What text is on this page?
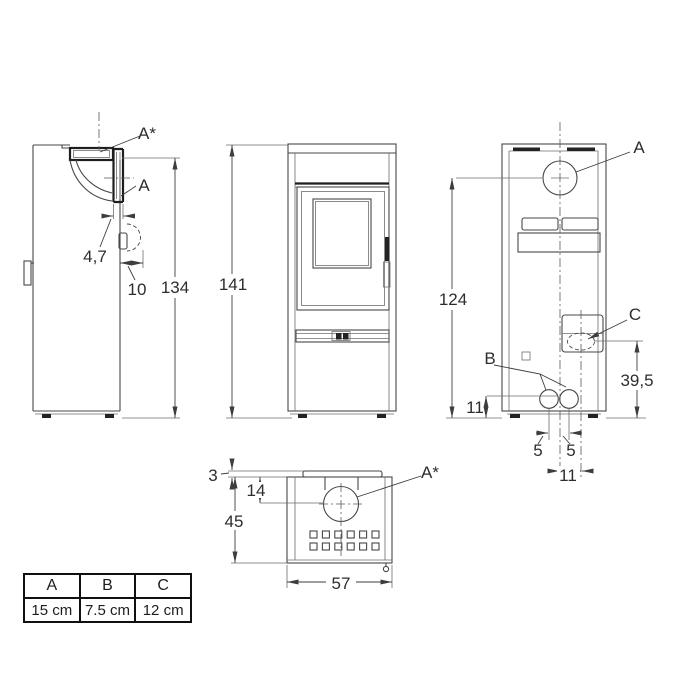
A*
A
4,7
10 134 141
A
C
B
124
39,5
11
5 5
11
A*
3
14
45
57
A	B	C
15 cm	7.5 cm	12 cm
